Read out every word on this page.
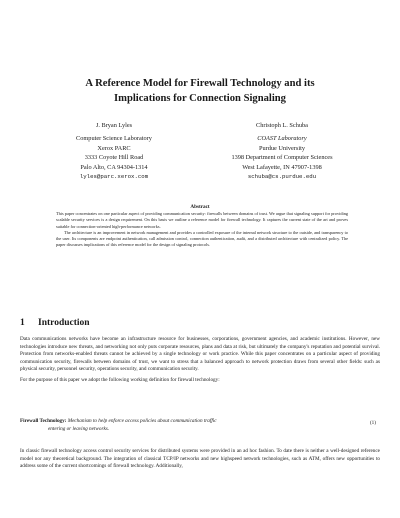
A Reference Model for Firewall Technology and its
Implications for Connection Signaling
J. Bryan Lyles
Computer Science Laboratory
Xerox PARC
3333 Coyote Hill Road
Palo Alto, CA 94304-1314
lyles@parc.xerox.com
Christoph L. Schuba
COAST Laboratory
Purdue University
1398 Department of Computer Sciences
West Lafayette, IN 47907-1398
schuba@cs.purdue.edu
Abstract

This paper concentrates on one particular aspect of providing communication security: firewalls between domains of trust. We argue that signaling support for providing scalable security services is a design requirement. On this basis we outline a reference model for firewall technology. It captures the current state of the art and proves suitable for connection-oriented high-performance networks.

The architecture is an improvement in network management and provides a controlled exposure of the internal network structure to the outside, and transparency to the user. Its components are endpoint authentication, call admission control, connection authentication, audit, and a distributed architecture with centralized policy. The paper discusses implications of this reference model for the design of signaling protocols.

1 Introduction

Data communications networks have become an infrastructure resource for businesses, corporations, government agencies, and academic institutions. However, new technologies introduce new threats, and networking not only puts corporate resources, plans and data at risk, but ultimately the company's reputation and potential survival. Protection from networks-enabled threats cannot be achieved by a single technology or work practice. While this paper concentrates on a particular aspect of providing communication security, firewalls between domains of trust, we want to stress that a balanced approach to network protection draws from several other fields: such as physical security, personnel security, operations security, and communication security.

For the purpose of this paper we adopt the following working definition for firewall technology:

Firewall Technology: Mechanism to help enforce access policies about communication traffic
entering or leaving networks.
(1)

In classic firewall technology access control security services for distributed systems were provided in an ad hoc fashion. To date there is neither a well-designed reference model nor any theoretical background. The integration of classical TCP/IP networks and new highspeed network technologies, such as ATM, offers new opportunities to address some of the current shortcomings of firewall technology. Additionally,
